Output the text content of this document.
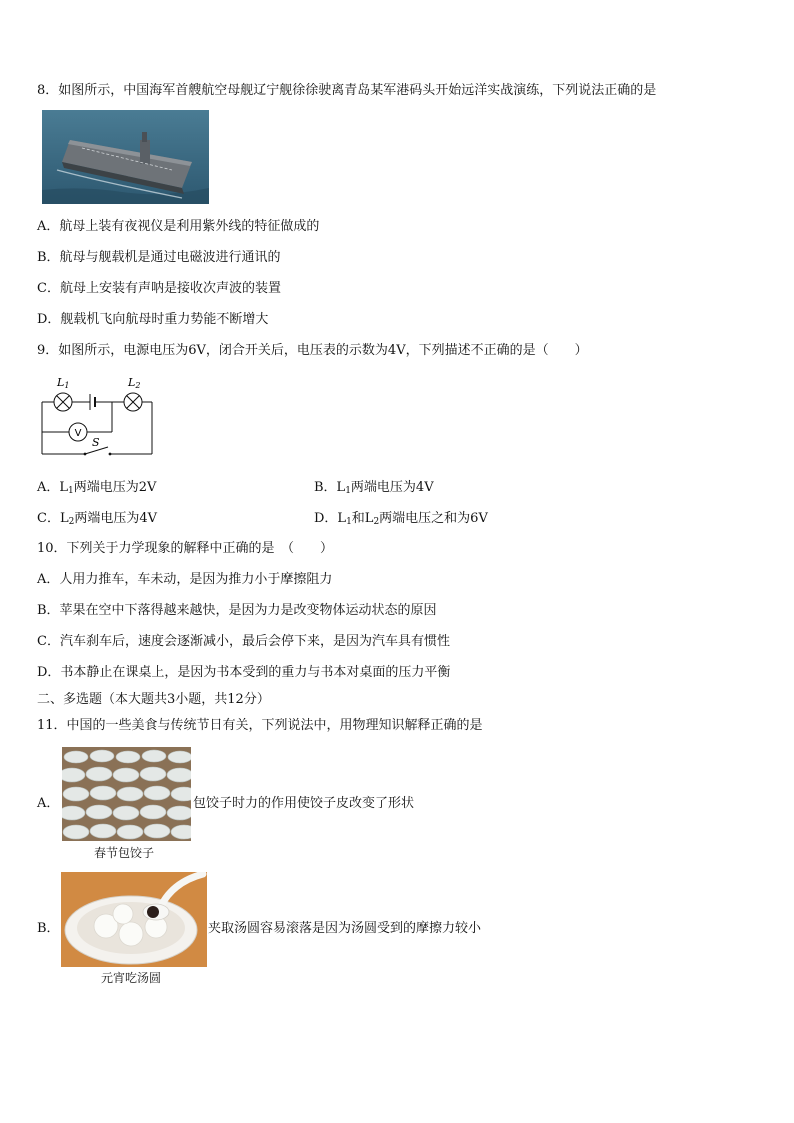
8．如图所示，中国海军首艘航空母舰辽宁舰徐徐驶离青岛某军港码头开始远洋实战演练，下列说法正确的是
A．航母上装有夜视仪是利用紫外线的特征做成的
B．航母与舰载机是通过电磁波进行通讯的
C．航母上安装有声呐是接收次声波的装置
D．舰载机飞向航母时重力势能不断增大
9．如图所示，电源电压为6V，闭合开关后，电压表的示数为4V，下列描述不正确的是（　　）
L1	L2
V
S
A．$L_1$两端电压为2V	B．$L_1$两端电压为4V
C．$L_2$两端电压为4V	D．$L_1$和$L_2$两端电压之和为6V
10．下列关于力学现象的解释中正确的是　（　　）
A．人用力推车，车未动，是因为推力小于摩擦阻力
B．苹果在空中下落得越来越快，是因为力是改变物体运动状态的原因
C．汽车刹车后，速度会逐渐减小，最后会停下来，是因为汽车具有惯性
D．书本静止在课桌上，是因为书本受到的重力与书本对桌面的压力平衡
二、多选题（本大题共3小题，共12分）
11．中国的一些美食与传统节日有关，下列说法中，用物理知识解释正确的是
A．	包饺子时力的作用使饺子皮改变了形状
春节包饺子
B．	夹取汤圆容易滚落是因为汤圆受到的摩擦力较小
元宵吃汤圆
